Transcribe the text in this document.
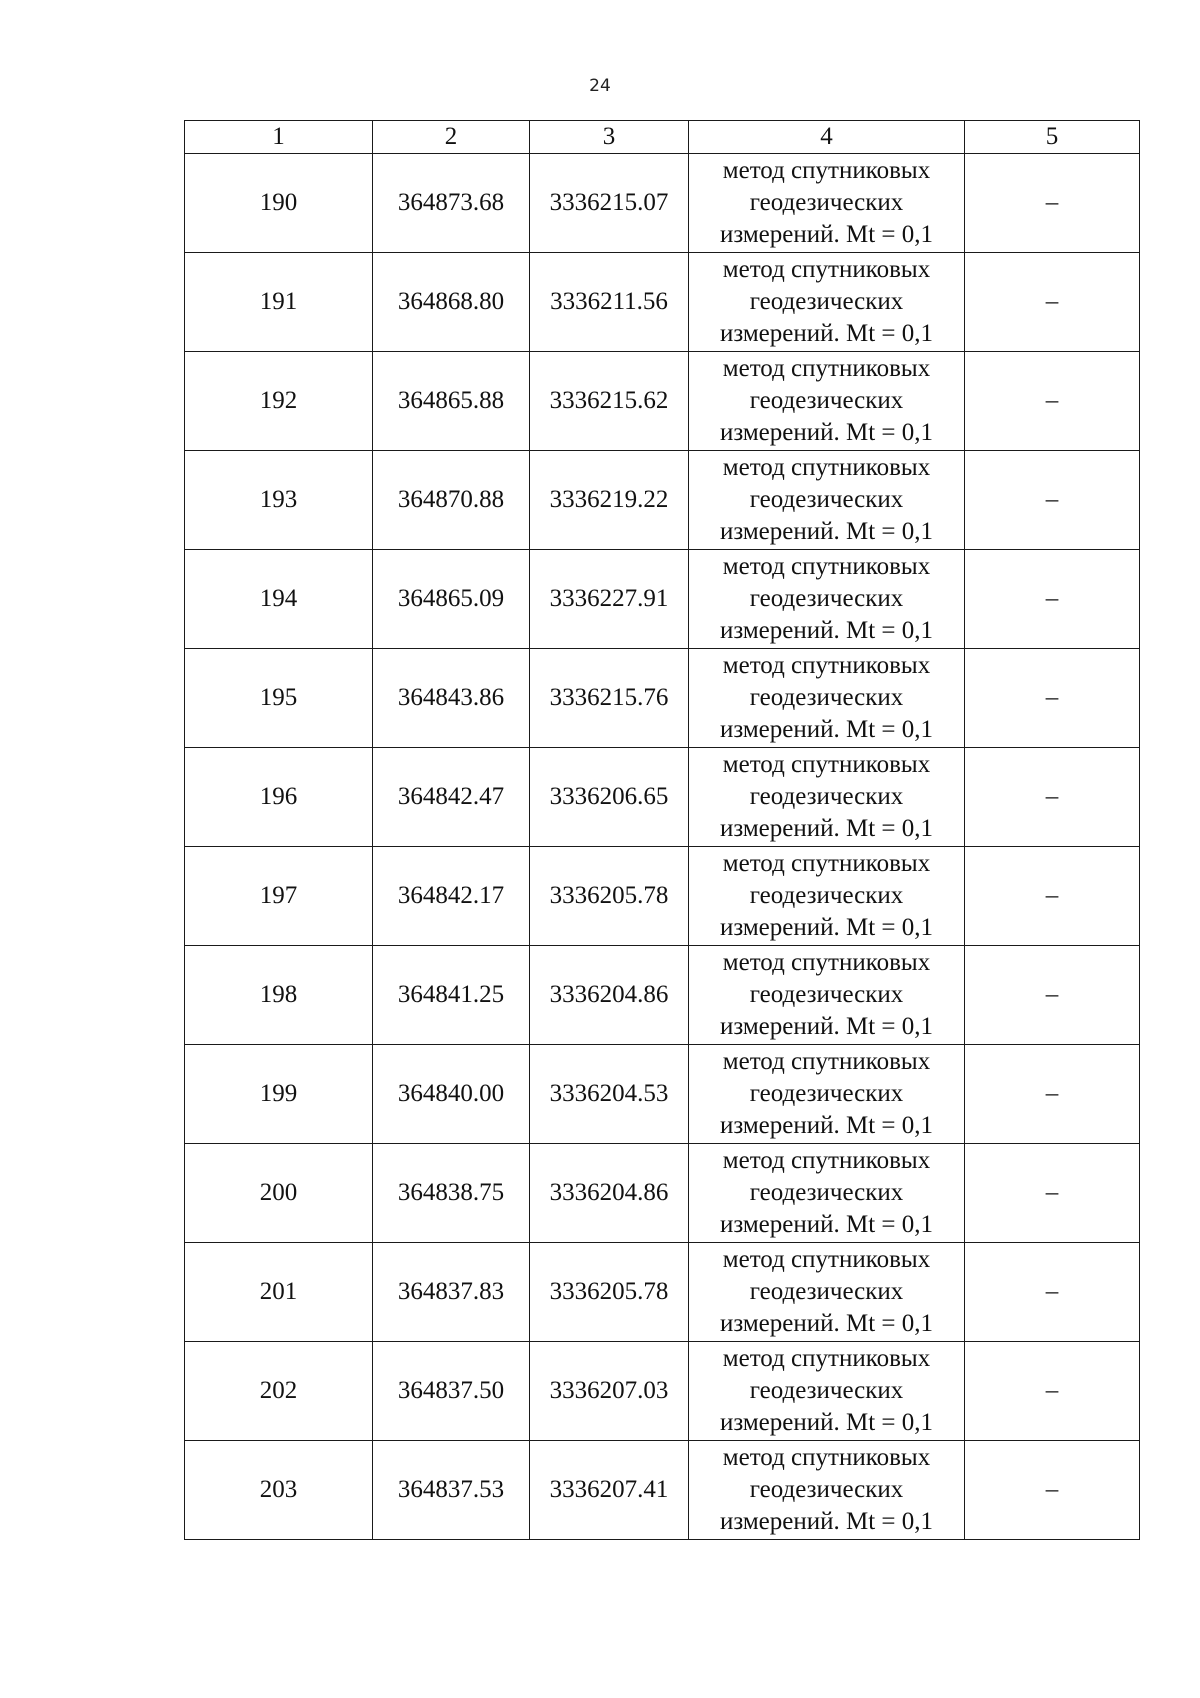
24
1	2	3	4	5
190	364873.68	3336215.07	метод спутниковых
геодезических
измерений. Mt = 0,1	–
191	364868.80	3336211.56	метод спутниковых
геодезических
измерений. Mt = 0,1	–
192	364865.88	3336215.62	метод спутниковых
геодезических
измерений. Mt = 0,1	–
193	364870.88	3336219.22	метод спутниковых
геодезических
измерений. Mt = 0,1	–
194	364865.09	3336227.91	метод спутниковых
геодезических
измерений. Mt = 0,1	–
195	364843.86	3336215.76	метод спутниковых
геодезических
измерений. Mt = 0,1	–
196	364842.47	3336206.65	метод спутниковых
геодезических
измерений. Mt = 0,1	–
197	364842.17	3336205.78	метод спутниковых
геодезических
измерений. Mt = 0,1	–
198	364841.25	3336204.86	метод спутниковых
геодезических
измерений. Mt = 0,1	–
199	364840.00	3336204.53	метод спутниковых
геодезических
измерений. Mt = 0,1	–
200	364838.75	3336204.86	метод спутниковых
геодезических
измерений. Mt = 0,1	–
201	364837.83	3336205.78	метод спутниковых
геодезических
измерений. Mt = 0,1	–
202	364837.50	3336207.03	метод спутниковых
геодезических
измерений. Mt = 0,1	–
203	364837.53	3336207.41	метод спутниковых
геодезических
измерений. Mt = 0,1	–
